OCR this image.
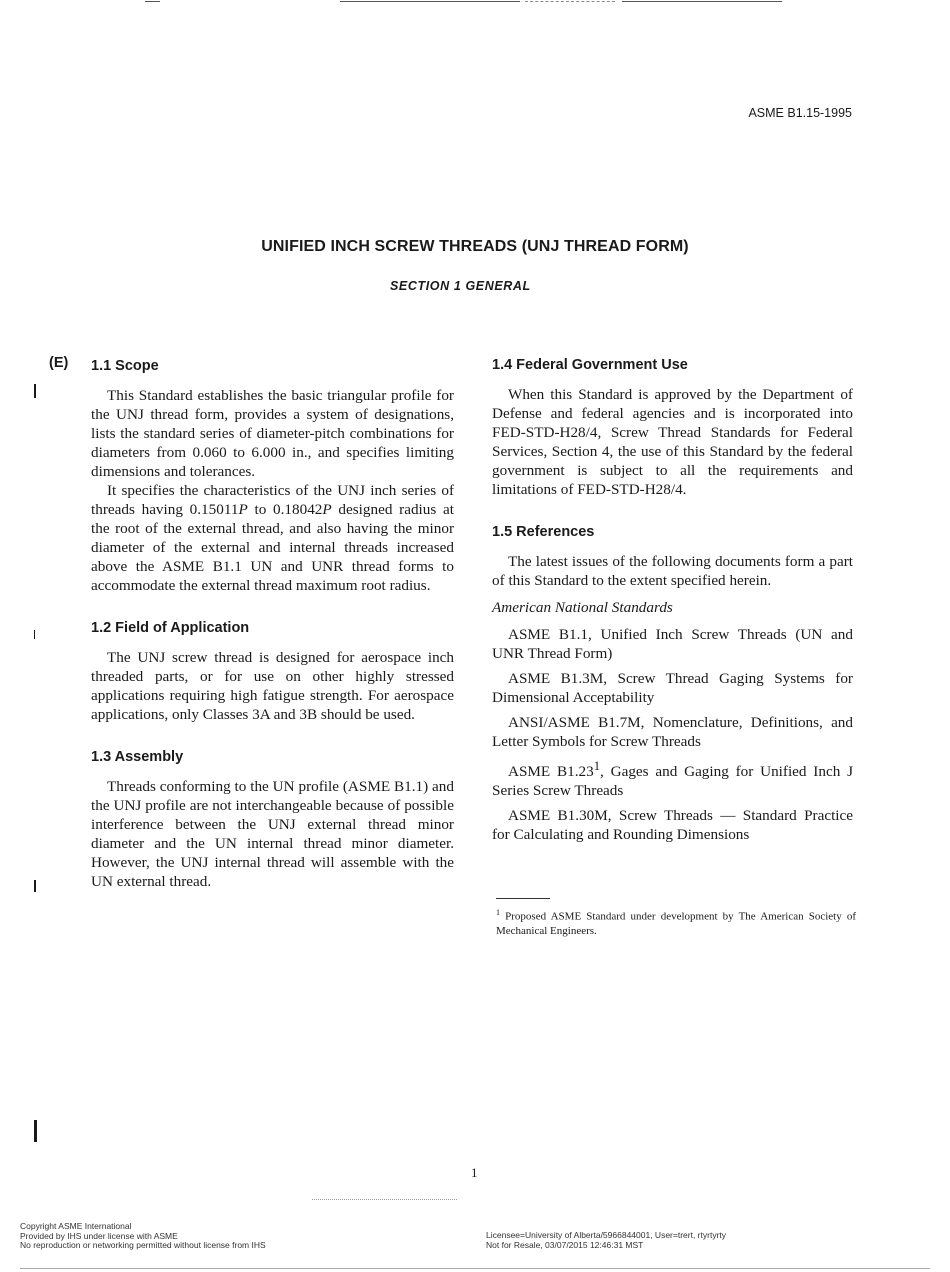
ASME B1.15-1995
UNIFIED INCH SCREW THREADS (UNJ THREAD FORM)
SECTION 1 GENERAL
(E) 1.1 Scope

This Standard establishes the basic triangular profile for the UNJ thread form, provides a system of designations, lists the standard series of diameter-pitch combinations for diameters from 0.060 to 6.000 in., and specifies limiting dimensions and tolerances.

It specifies the characteristics of the UNJ inch series of threads having 0.15011P to 0.18042P designed radius at the root of the external thread, and also having the minor diameter of the external and internal threads increased above the ASME B1.1 UN and UNR thread forms to accommodate the external thread maximum root radius.

1.2 Field of Application

The UNJ screw thread is designed for aerospace inch threaded parts, or for use on other highly stressed applications requiring high fatigue strength. For aerospace applications, only Classes 3A and 3B should be used.

1.3 Assembly

Threads conforming to the UN profile (ASME B1.1) and the UNJ profile are not interchangeable because of possible interference between the UNJ external thread minor diameter and the UN internal thread minor diameter. However, the UNJ internal thread will assemble with the UN external thread.

1.4 Federal Government Use

When this Standard is approved by the Department of Defense and federal agencies and is incorporated into FED-STD-H28/4, Screw Thread Standards for Federal Services, Section 4, the use of this Standard by the federal government is subject to all the requirements and limitations of FED-STD-H28/4.

1.5 References

The latest issues of the following documents form a part of this Standard to the extent specified herein.

American National Standards

ASME B1.1, Unified Inch Screw Threads (UN and UNR Thread Form)

ASME B1.3M, Screw Thread Gaging Systems for Dimensional Acceptability

ANSI/ASME B1.7M, Nomenclature, Definitions, and Letter Symbols for Screw Threads

ASME B1.23$^1$, Gages and Gaging for Unified Inch J Series Screw Threads

ASME B1.30M, Screw Threads — Standard Practice for Calculating and Rounding Dimensions

$^1$ Proposed ASME Standard under development by The American Society of Mechanical Engineers.
1
Copyright ASME International
Provided by IHS under license with ASME
No reproduction or networking permitted without license from IHS
Licensee=University of Alberta/5966844001, User=trert, rtyrtyrty
Not for Resale, 03/07/2015 12:46:31 MST
